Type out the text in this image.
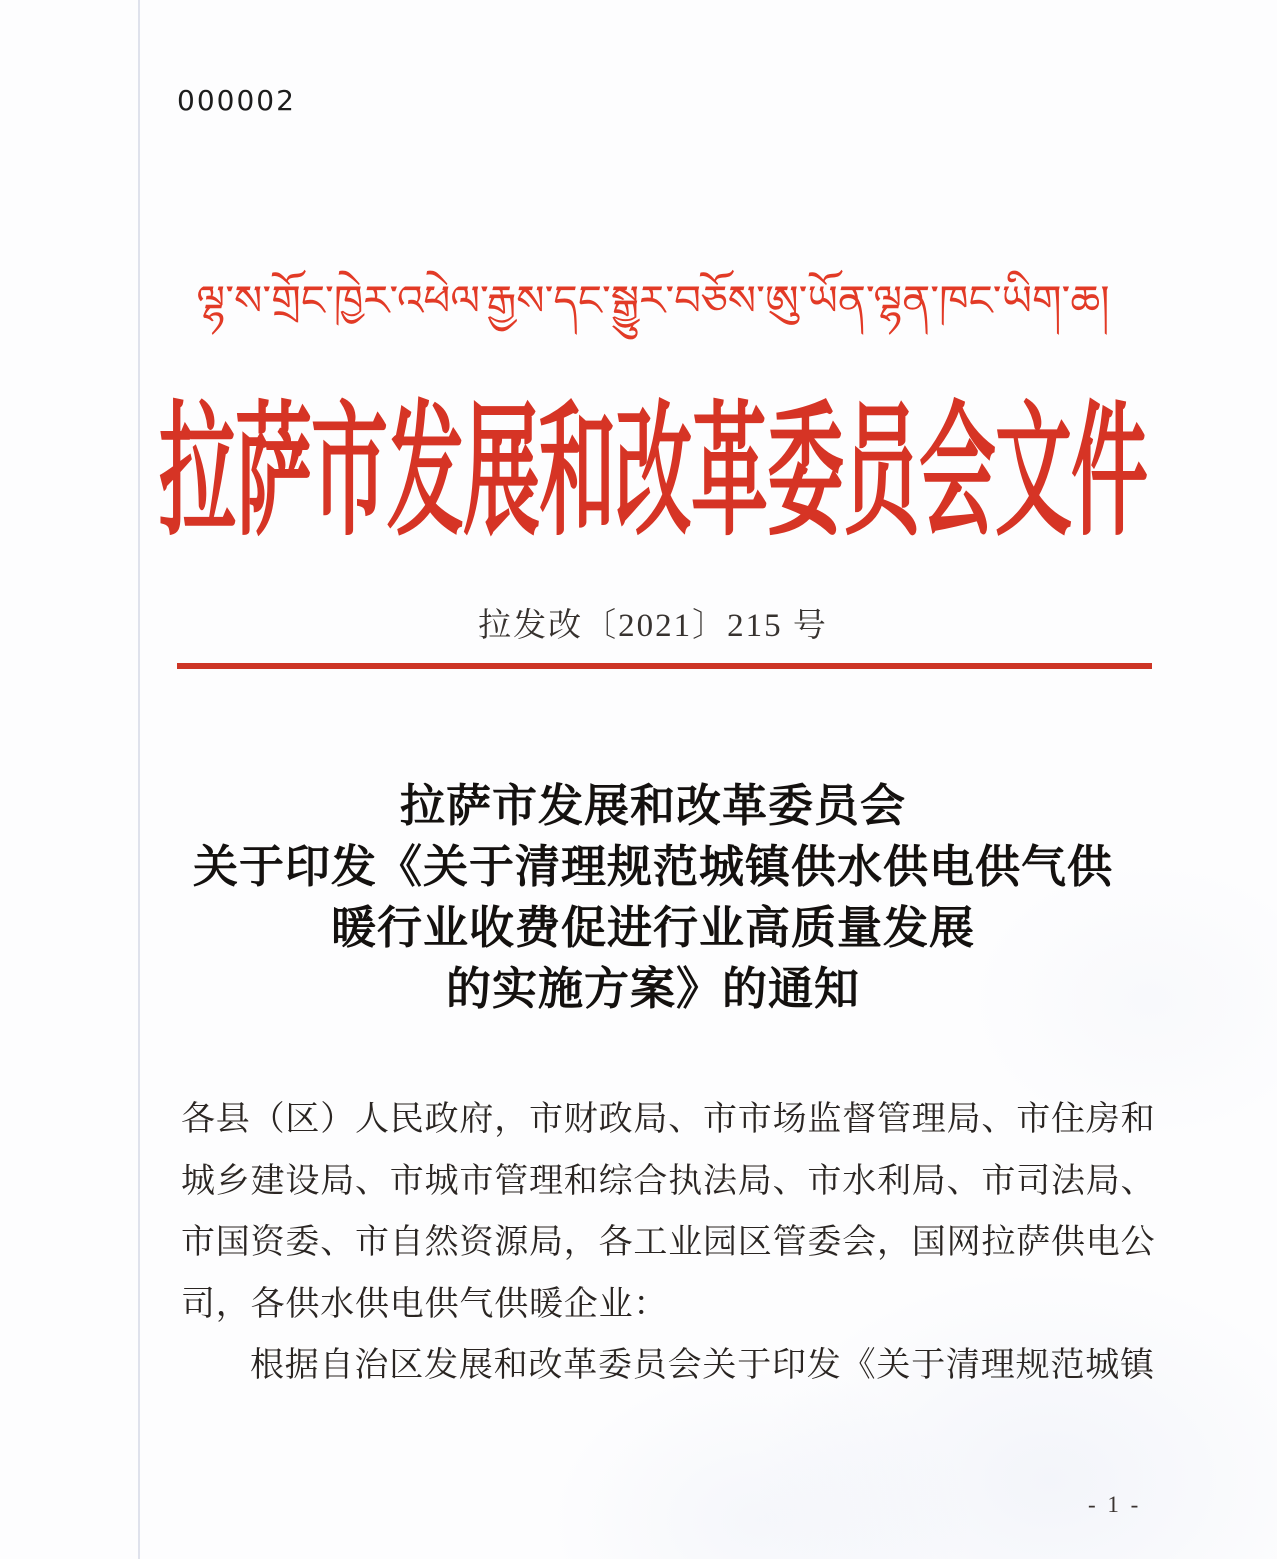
000002
ལྷ་ས་གྲོང་ཁྱེར་འཕེལ་རྒྱས་དང་སྒྱུར་བཅོས་ཨུ་ཡོན་ལྷན་ཁང་ཡིག་ཆ།
拉萨市发展和改革委员会文件
拉发改〔2021〕215 号
拉萨市发展和改革委员会
关于印发《关于清理规范城镇供水供电供气供
暖行业收费促进行业高质量发展
的实施方案》的通知
各县（区）人民政府，市财政局、市市场监督管理局、市住房和
城乡建设局、市城市管理和综合执法局、市水利局、市司法局、
市国资委、市自然资源局，各工业园区管委会，国网拉萨供电公
司，各供水供电供气供暖企业：
根据自治区发展和改革委员会关于印发《关于清理规范城镇
- 1 -
